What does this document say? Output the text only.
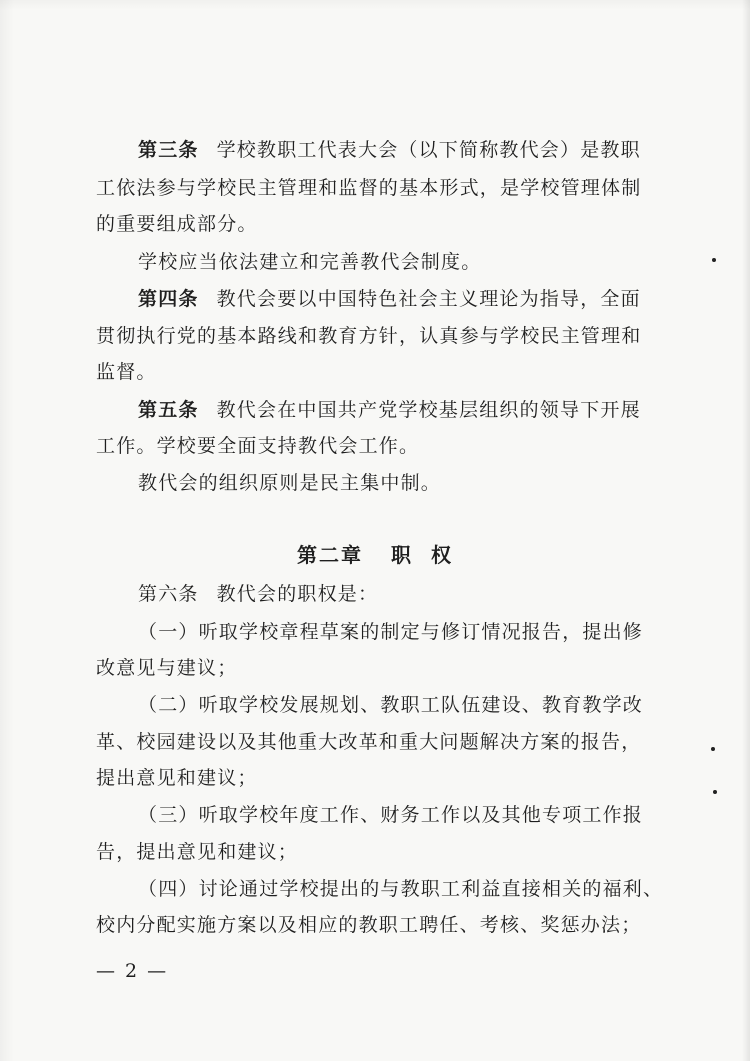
第三条 学校教职工代表大会（以下简称教代会）是教职
工依法参与学校民主管理和监督的基本形式，是学校管理体制
的重要组成部分。
学校应当依法建立和完善教代会制度。
第四条 教代会要以中国特色社会主义理论为指导，全面
贯彻执行党的基本路线和教育方针，认真参与学校民主管理和
监督。
第五条 教代会在中国共产党学校基层组织的领导下开展
工作。学校要全面支持教代会工作。
教代会的组织原则是民主集中制。
第二章 职 权
第六条 教代会的职权是：
（一）听取学校章程草案的制定与修订情况报告，提出修
改意见与建议；
（二）听取学校发展规划、教职工队伍建设、教育教学改
革、校园建设以及其他重大改革和重大问题解决方案的报告，
提出意见和建议；
（三）听取学校年度工作、财务工作以及其他专项工作报
告，提出意见和建议；
（四）讨论通过学校提出的与教职工利益直接相关的福利、
校内分配实施方案以及相应的教职工聘任、考核、奖惩办法；
— 2 —
